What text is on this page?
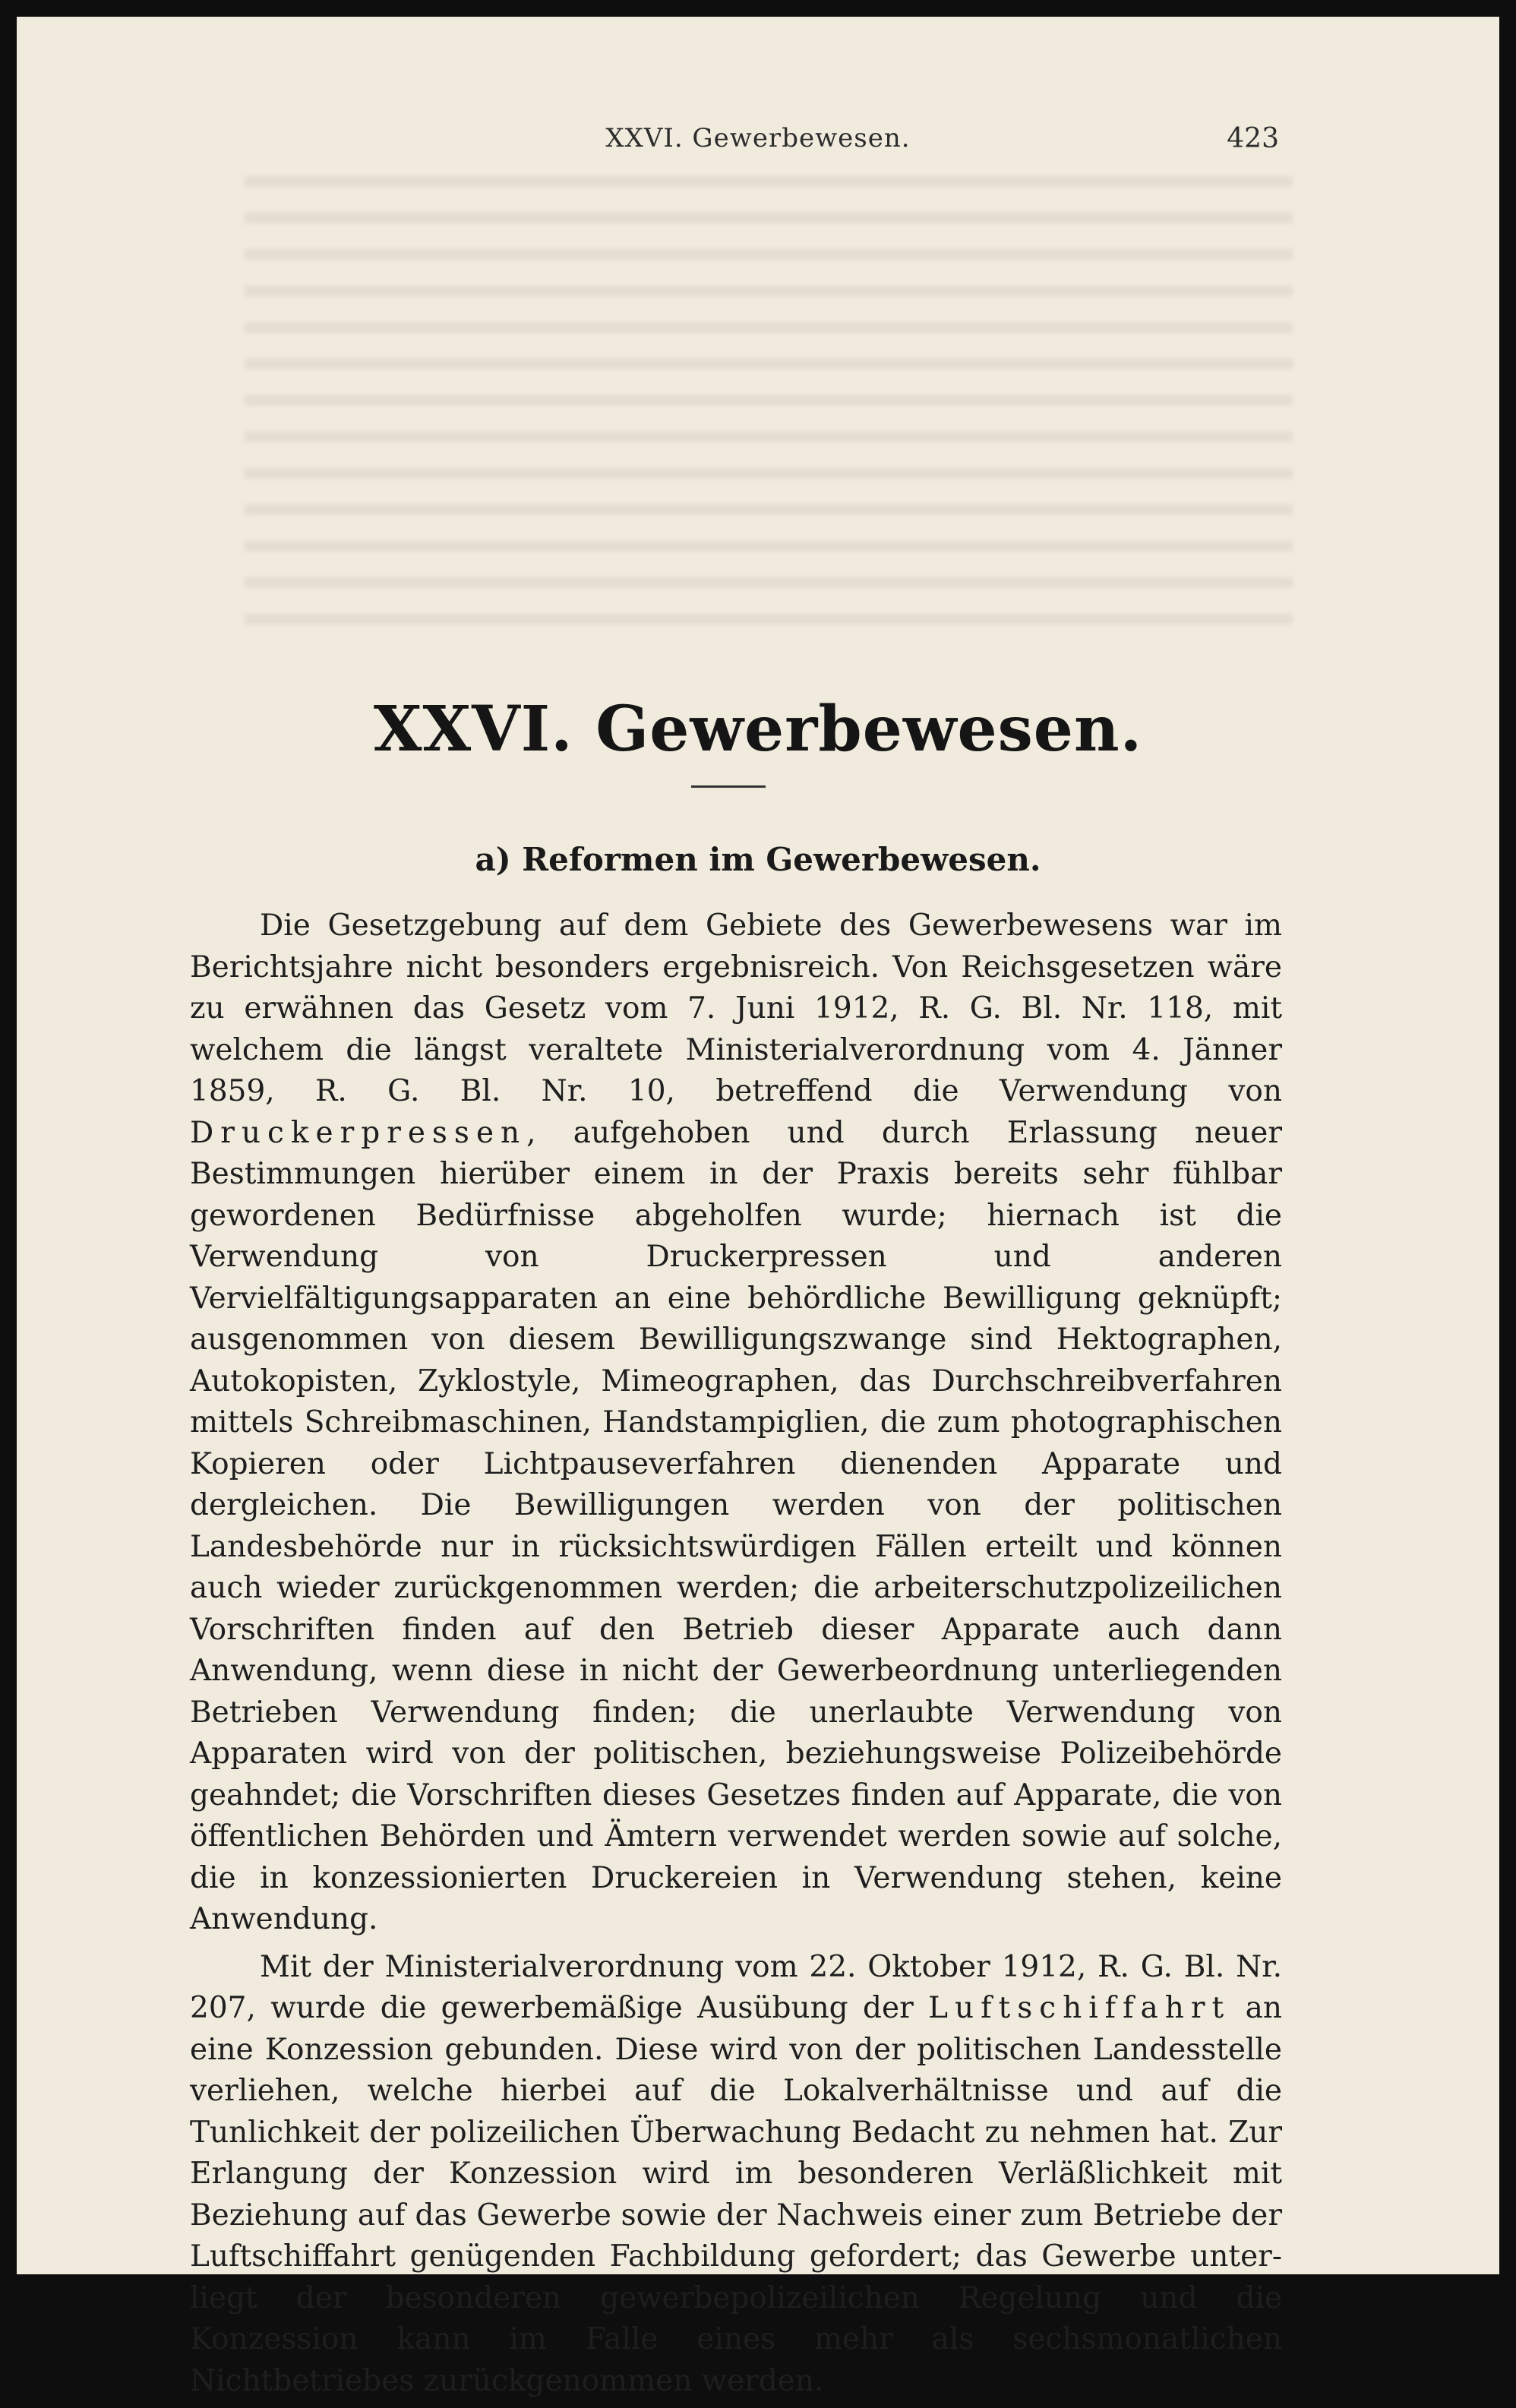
XXVI. Gewerbewesen.	423
XXVI. Gewerbewesen.
a) Reformen im Gewerbewesen.

Die Gesetzgebung auf dem Gebiete des Gewerbewesens war im Berichtsjahre nicht besonders ergebnisreich. Von Reichsgesetzen wäre zu erwähnen das Gesetz vom 7. Juni 1912, R. G. Bl. Nr. 118, mit welchem die längst veraltete Ministerialverordnung vom 4. Jänner 1859, R. G. Bl. Nr. 10, betreffend die Verwendung von Druckerpressen, aufgehoben und durch Erlassung neuer Bestimmungen hierüber einem in der Praxis bereits sehr fühlbar gewordenen Bedürfnisse abgeholfen wurde; hiernach ist die Verwendung von Druckerpressen und anderen Vervielfältigungsapparaten an eine behördliche Bewilligung geknüpft; ausgenommen von diesem Bewilligungszwange sind Hektographen, Autokopisten, Zyklostyle, Mimeographen, das Durchschreibverfahren mittels Schreibmaschinen, Handstampiglien, die zum photographischen Kopieren oder Lichtpauseverfahren dienenden Apparate und dergleichen. Die Bewilligungen werden von der politischen Landesbehörde nur in rücksichtswürdigen Fällen erteilt und können auch wieder zurückgenommen werden; die arbeiterschutzpolizeilichen Vorschriften finden auf den Betrieb dieser Apparate auch dann Anwendung, wenn diese in nicht der Gewerbeordnung unterliegenden Betrieben Verwendung finden; die unerlaubte Verwendung von Apparaten wird von der politischen, beziehungsweise Polizeibehörde geahndet; die Vorschriften dieses Gesetzes finden auf Apparate, die von öffentlichen Behörden und Ämtern verwendet werden sowie auf solche, die in konzessionierten Druckereien in Verwendung stehen, keine Anwendung.

Mit der Ministerialverordnung vom 22. Oktober 1912, R. G. Bl. Nr. 207, wurde die gewerbemäßige Ausübung der Luftschiffahrt an eine Konzession gebunden. Diese wird von der politischen Landesstelle verliehen, welche hierbei auf die Lokalverhältnisse und auf die Tunlichkeit der polizeilichen Überwachung Bedacht zu nehmen hat. Zur Erlangung der Konzession wird im besonderen Verläßlichkeit mit Beziehung auf das Gewerbe sowie der Nachweis einer zum Betriebe der Luftschiffahrt genügenden Fachbildung gefordert; das Gewerbe unterliegt der besonderen gewerbepolizeilichen Regelung und die Konzession kann im Falle eines mehr als sechsmonatlichen Nichtbetriebes zurückgenommen werden.
